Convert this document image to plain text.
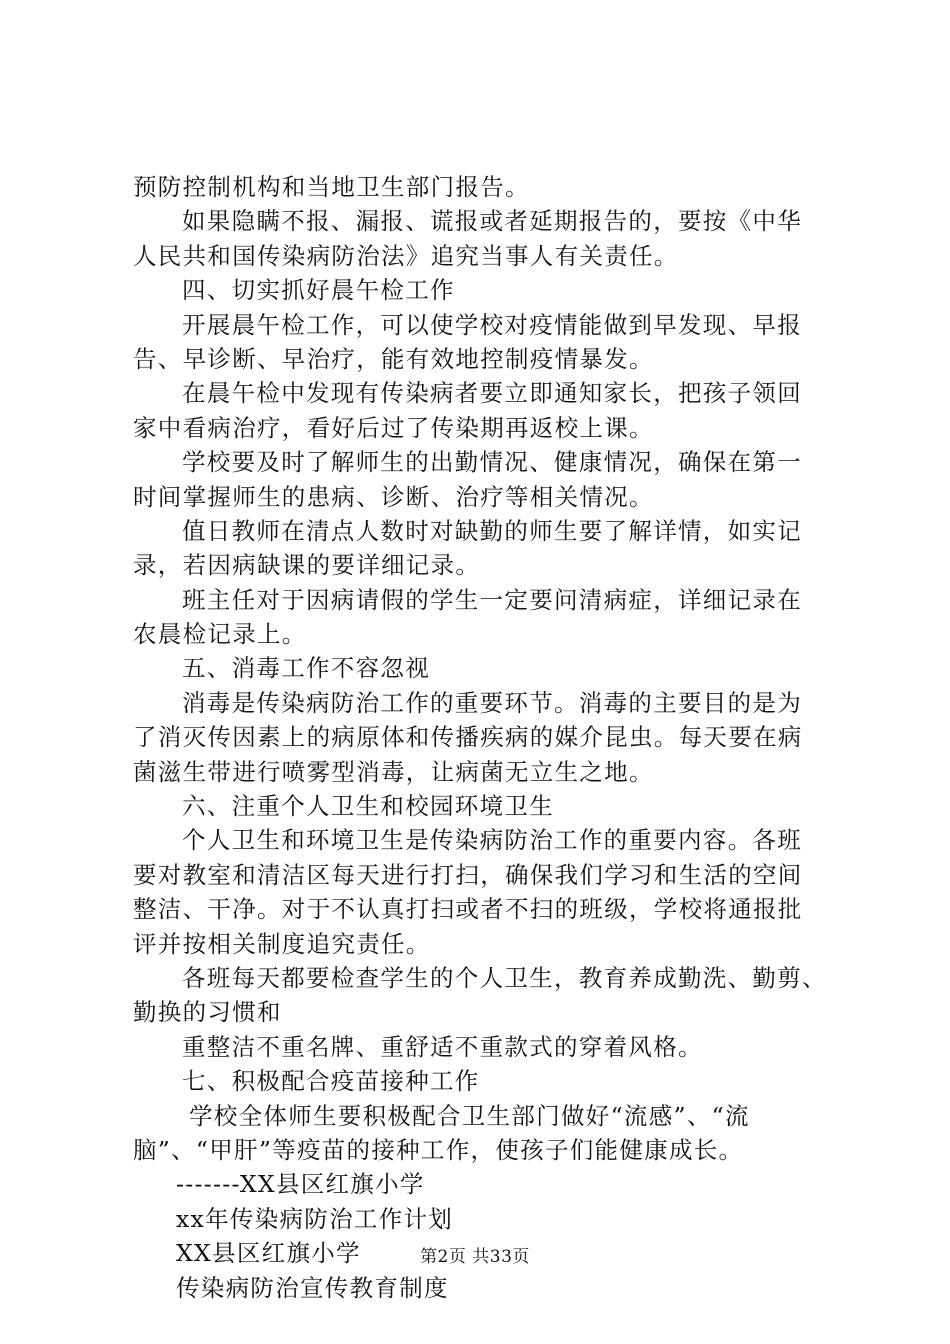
预防控制机构和当地卫生部门报告。
如果隐瞒不报、漏报、谎报或者延期报告的，要按《中华
人民共和国传染病防治法》追究当事人有关责任。
四、切实抓好晨午检工作
开展晨午检工作，可以使学校对疫情能做到早发现、早报
告、早诊断、早治疗，能有效地控制疫情暴发。
在晨午检中发现有传染病者要立即通知家长，把孩子领回
家中看病治疗，看好后过了传染期再返校上课。
学校要及时了解师生的出勤情况、健康情况，确保在第一
时间掌握师生的患病、诊断、治疗等相关情况。
值日教师在清点人数时对缺勤的师生要了解详情，如实记
录，若因病缺课的要详细记录。
班主任对于因病请假的学生一定要问清病症，详细记录在
农晨检记录上。
五、消毒工作不容忽视
消毒是传染病防治工作的重要环节。消毒的主要目的是为
了消灭传因素上的病原体和传播疾病的媒介昆虫。每天要在病
菌滋生带进行喷雾型消毒，让病菌无立生之地。
六、注重个人卫生和校园环境卫生
个人卫生和环境卫生是传染病防治工作的重要内容。各班
要对教室和清洁区每天进行打扫，确保我们学习和生活的空间
整洁、干净。对于不认真打扫或者不扫的班级，学校将通报批
评并按相关制度追究责任。
各班每天都要检查学生的个人卫生，教育养成勤洗、勤剪、
勤换的习惯和
重整洁不重名牌、重舒适不重款式的穿着风格。
七、积极配合疫苗接种工作
学校全体师生要积极配合卫生部门做好“流感”、“流
脑”、“甲肝”等疫苗的接种工作，使孩子们能健康成长。
-------XX县区红旗小学
xx年传染病防治工作计划
XX县区红旗小学
传染病防治宣传教育制度
第2页 共33页
